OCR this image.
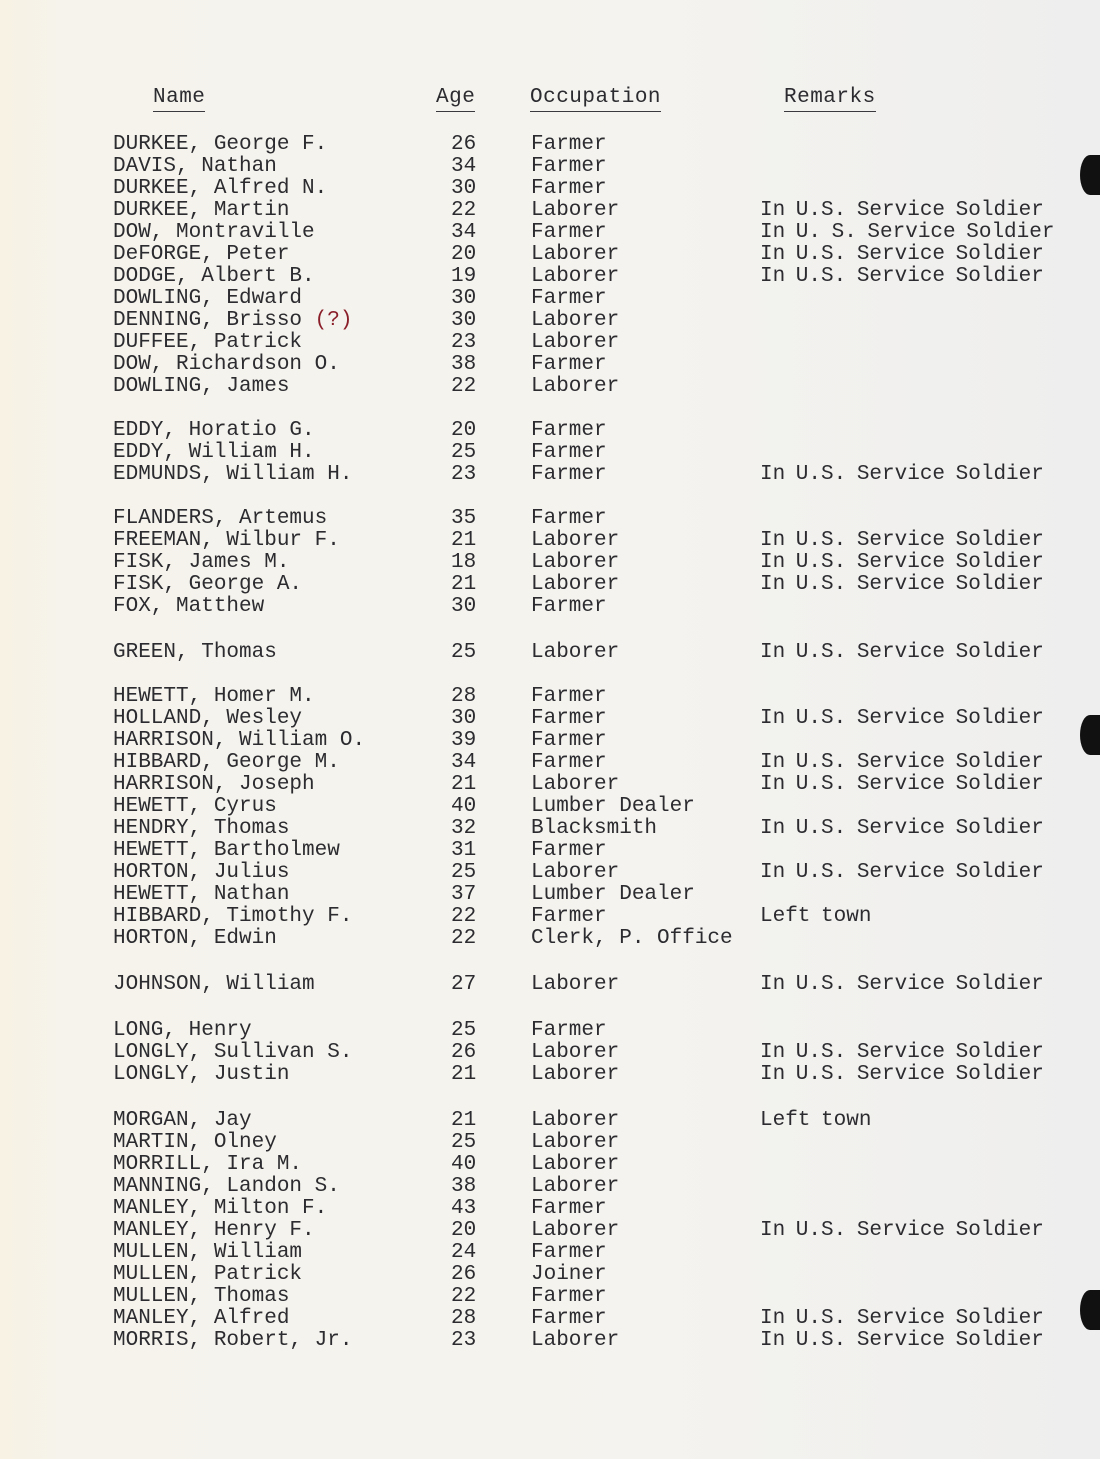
Name	Age	Occupation	Remarks
DURKEE, George F.	26	Farmer
DAVIS, Nathan	34	Farmer
DURKEE, Alfred N.	30	Farmer
DURKEE, Martin	22	Laborer	In U.S. Service Soldier
DOW, Montraville	34	Farmer	In U. S. Service Soldier
DeFORGE, Peter	20	Laborer	In U.S. Service Soldier
DODGE, Albert B.	19	Laborer	In U.S. Service Soldier
DOWLING, Edward	30	Farmer
DENNING, Brisso (?)	30	Laborer
DUFFEE, Patrick	23	Laborer
DOW, Richardson O.	38	Farmer
DOWLING, James	22	Laborer
EDDY, Horatio G.	20	Farmer
EDDY, William H.	25	Farmer
EDMUNDS, William H.	23	Farmer	In U.S. Service Soldier
FLANDERS, Artemus	35	Farmer
FREEMAN, Wilbur F.	21	Laborer	In U.S. Service Soldier
FISK, James M.	18	Laborer	In U.S. Service Soldier
FISK, George A.	21	Laborer	In U.S. Service Soldier
FOX, Matthew	30	Farmer
GREEN, Thomas	25	Laborer	In U.S. Service Soldier
HEWETT, Homer M.	28	Farmer
HOLLAND, Wesley	30	Farmer	In U.S. Service Soldier
HARRISON, William O.	39	Farmer
HIBBARD, George M.	34	Farmer	In U.S. Service Soldier
HARRISON, Joseph	21	Laborer	In U.S. Service Soldier
HEWETT, Cyrus	40	Lumber Dealer
HENDRY, Thomas	32	Blacksmith	In U.S. Service Soldier
HEWETT, Bartholmew	31	Farmer
HORTON, Julius	25	Laborer	In U.S. Service Soldier
HEWETT, Nathan	37	Lumber Dealer
HIBBARD, Timothy F.	22	Farmer	Left town
HORTON, Edwin	22	Clerk, P. Office
JOHNSON, William	27	Laborer	In U.S. Service Soldier
LONG, Henry	25	Farmer
LONGLY, Sullivan S.	26	Laborer	In U.S. Service Soldier
LONGLY, Justin	21	Laborer	In U.S. Service Soldier
MORGAN, Jay	21	Laborer	Left town
MARTIN, Olney	25	Laborer
MORRILL, Ira M.	40	Laborer
MANNING, Landon S.	38	Laborer
MANLEY, Milton F.	43	Farmer
MANLEY, Henry F.	20	Laborer	In U.S. Service Soldier
MULLEN, William	24	Farmer
MULLEN, Patrick	26	Joiner
MULLEN, Thomas	22	Farmer
MANLEY, Alfred	28	Farmer	In U.S. Service Soldier
MORRIS, Robert, Jr.	23	Laborer	In U.S. Service Soldier
